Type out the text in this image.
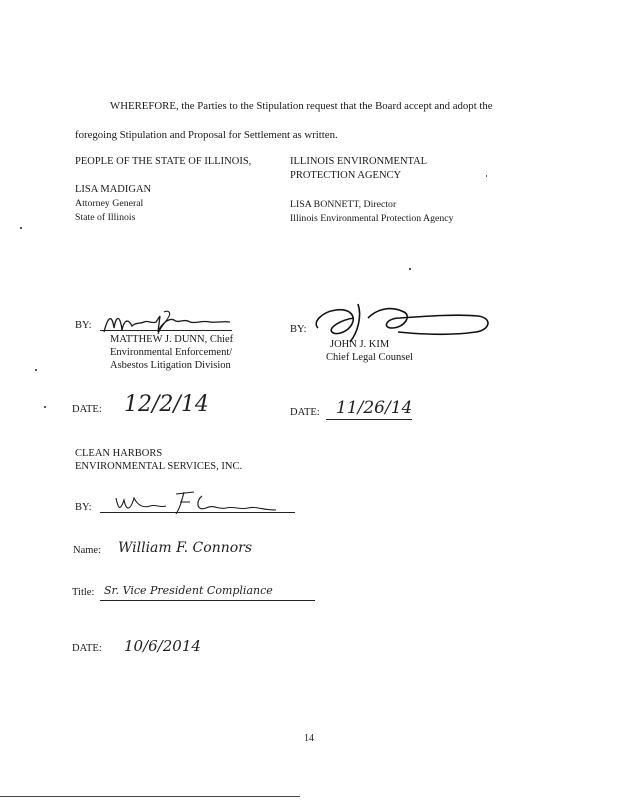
WHEREFORE, the Parties to the Stipulation request that the Board accept and adopt the
foregoing Stipulation and Proposal for Settlement as written.
PEOPLE OF THE STATE OF ILLINOIS,
LISA MADIGAN
Attorney General
State of Illinois
ILLINOIS ENVIRONMENTAL
PROTECTION AGENCY
LISA BONNETT, Director
Illinois Environmental Protection Agency
BY:
MATTHEW J. DUNN, Chief
Environmental Enforcement/
Asbestos Litigation Division
DATE: 12/2/14
BY:
JOHN J. KIM
Chief Legal Counsel
DATE: 11/26/14
CLEAN HARBORS
ENVIRONMENTAL SERVICES, INC.
BY:
Name: William F. Connors
Title: Sr. Vice President Compliance
DATE: 10/6/2014
14
